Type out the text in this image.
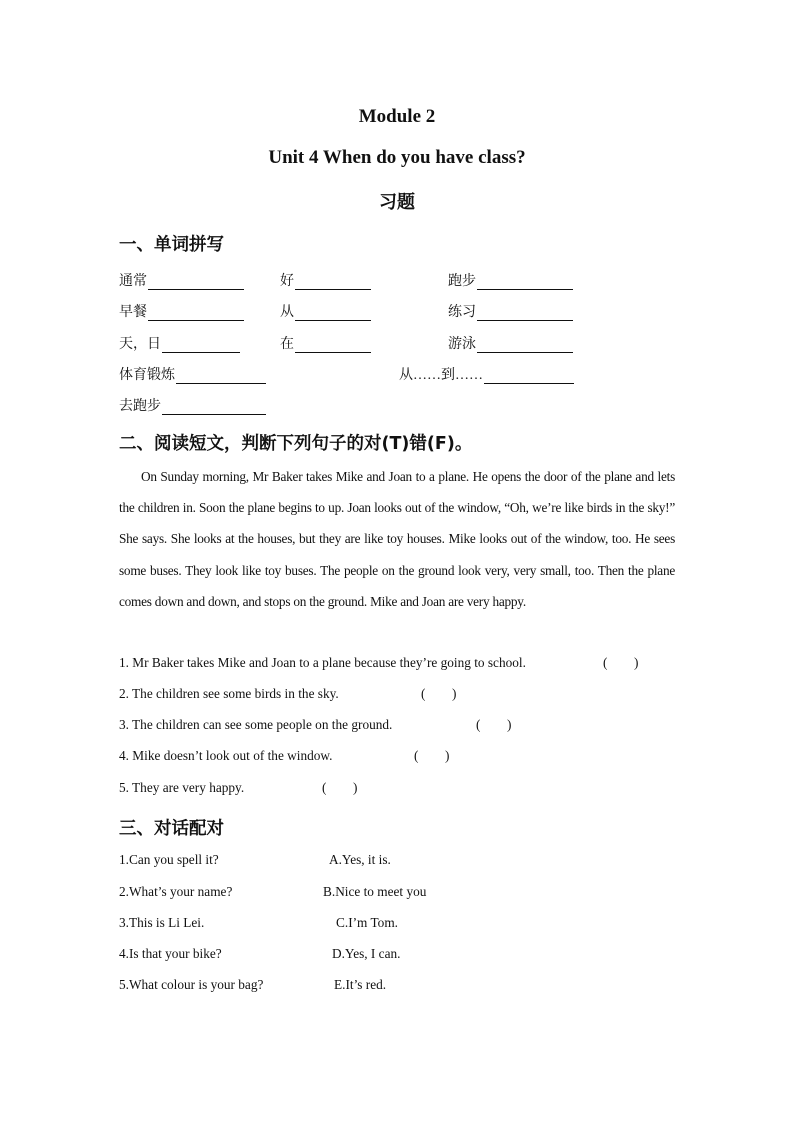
Module 2
Unit 4 When do you have class?
习题
一、单词拼写
通常	好	跑步
早餐	从	练习
天，日	在	游泳
体育锻炼	从……到……
去跑步
二、阅读短文，判断下列句子的对(T)错(F)。
On Sunday morning, Mr Baker takes Mike and Joan to a plane. He opens the door of the plane and lets the children in. Soon the plane begins to up. Joan looks out of the window, “Oh, we’re like birds in the sky!” She says. She looks at the houses, but they are like toy houses. Mike looks out of the window, too. He sees some buses. They look like toy buses. The people on the ground look very, very small, too. Then the plane comes down and down, and stops on the ground. Mike and Joan are very happy.
1. Mr Baker takes Mike and Joan to a plane because they’re going to school.	(        )
2. The children see some birds in the sky.	(        )
3. The children can see some people on the ground.	(        )
4. Mike doesn’t look out of the window.	(        )
5. They are very happy.	(        )
三、对话配对
1.Can you spell it?	A.Yes, it is.
2.What’s your name?	B.Nice to meet you
3.This is Li Lei.	C.I’m Tom.
4.Is that your bike?	D.Yes, I can.
5.What colour is your bag?	E.It’s red.
